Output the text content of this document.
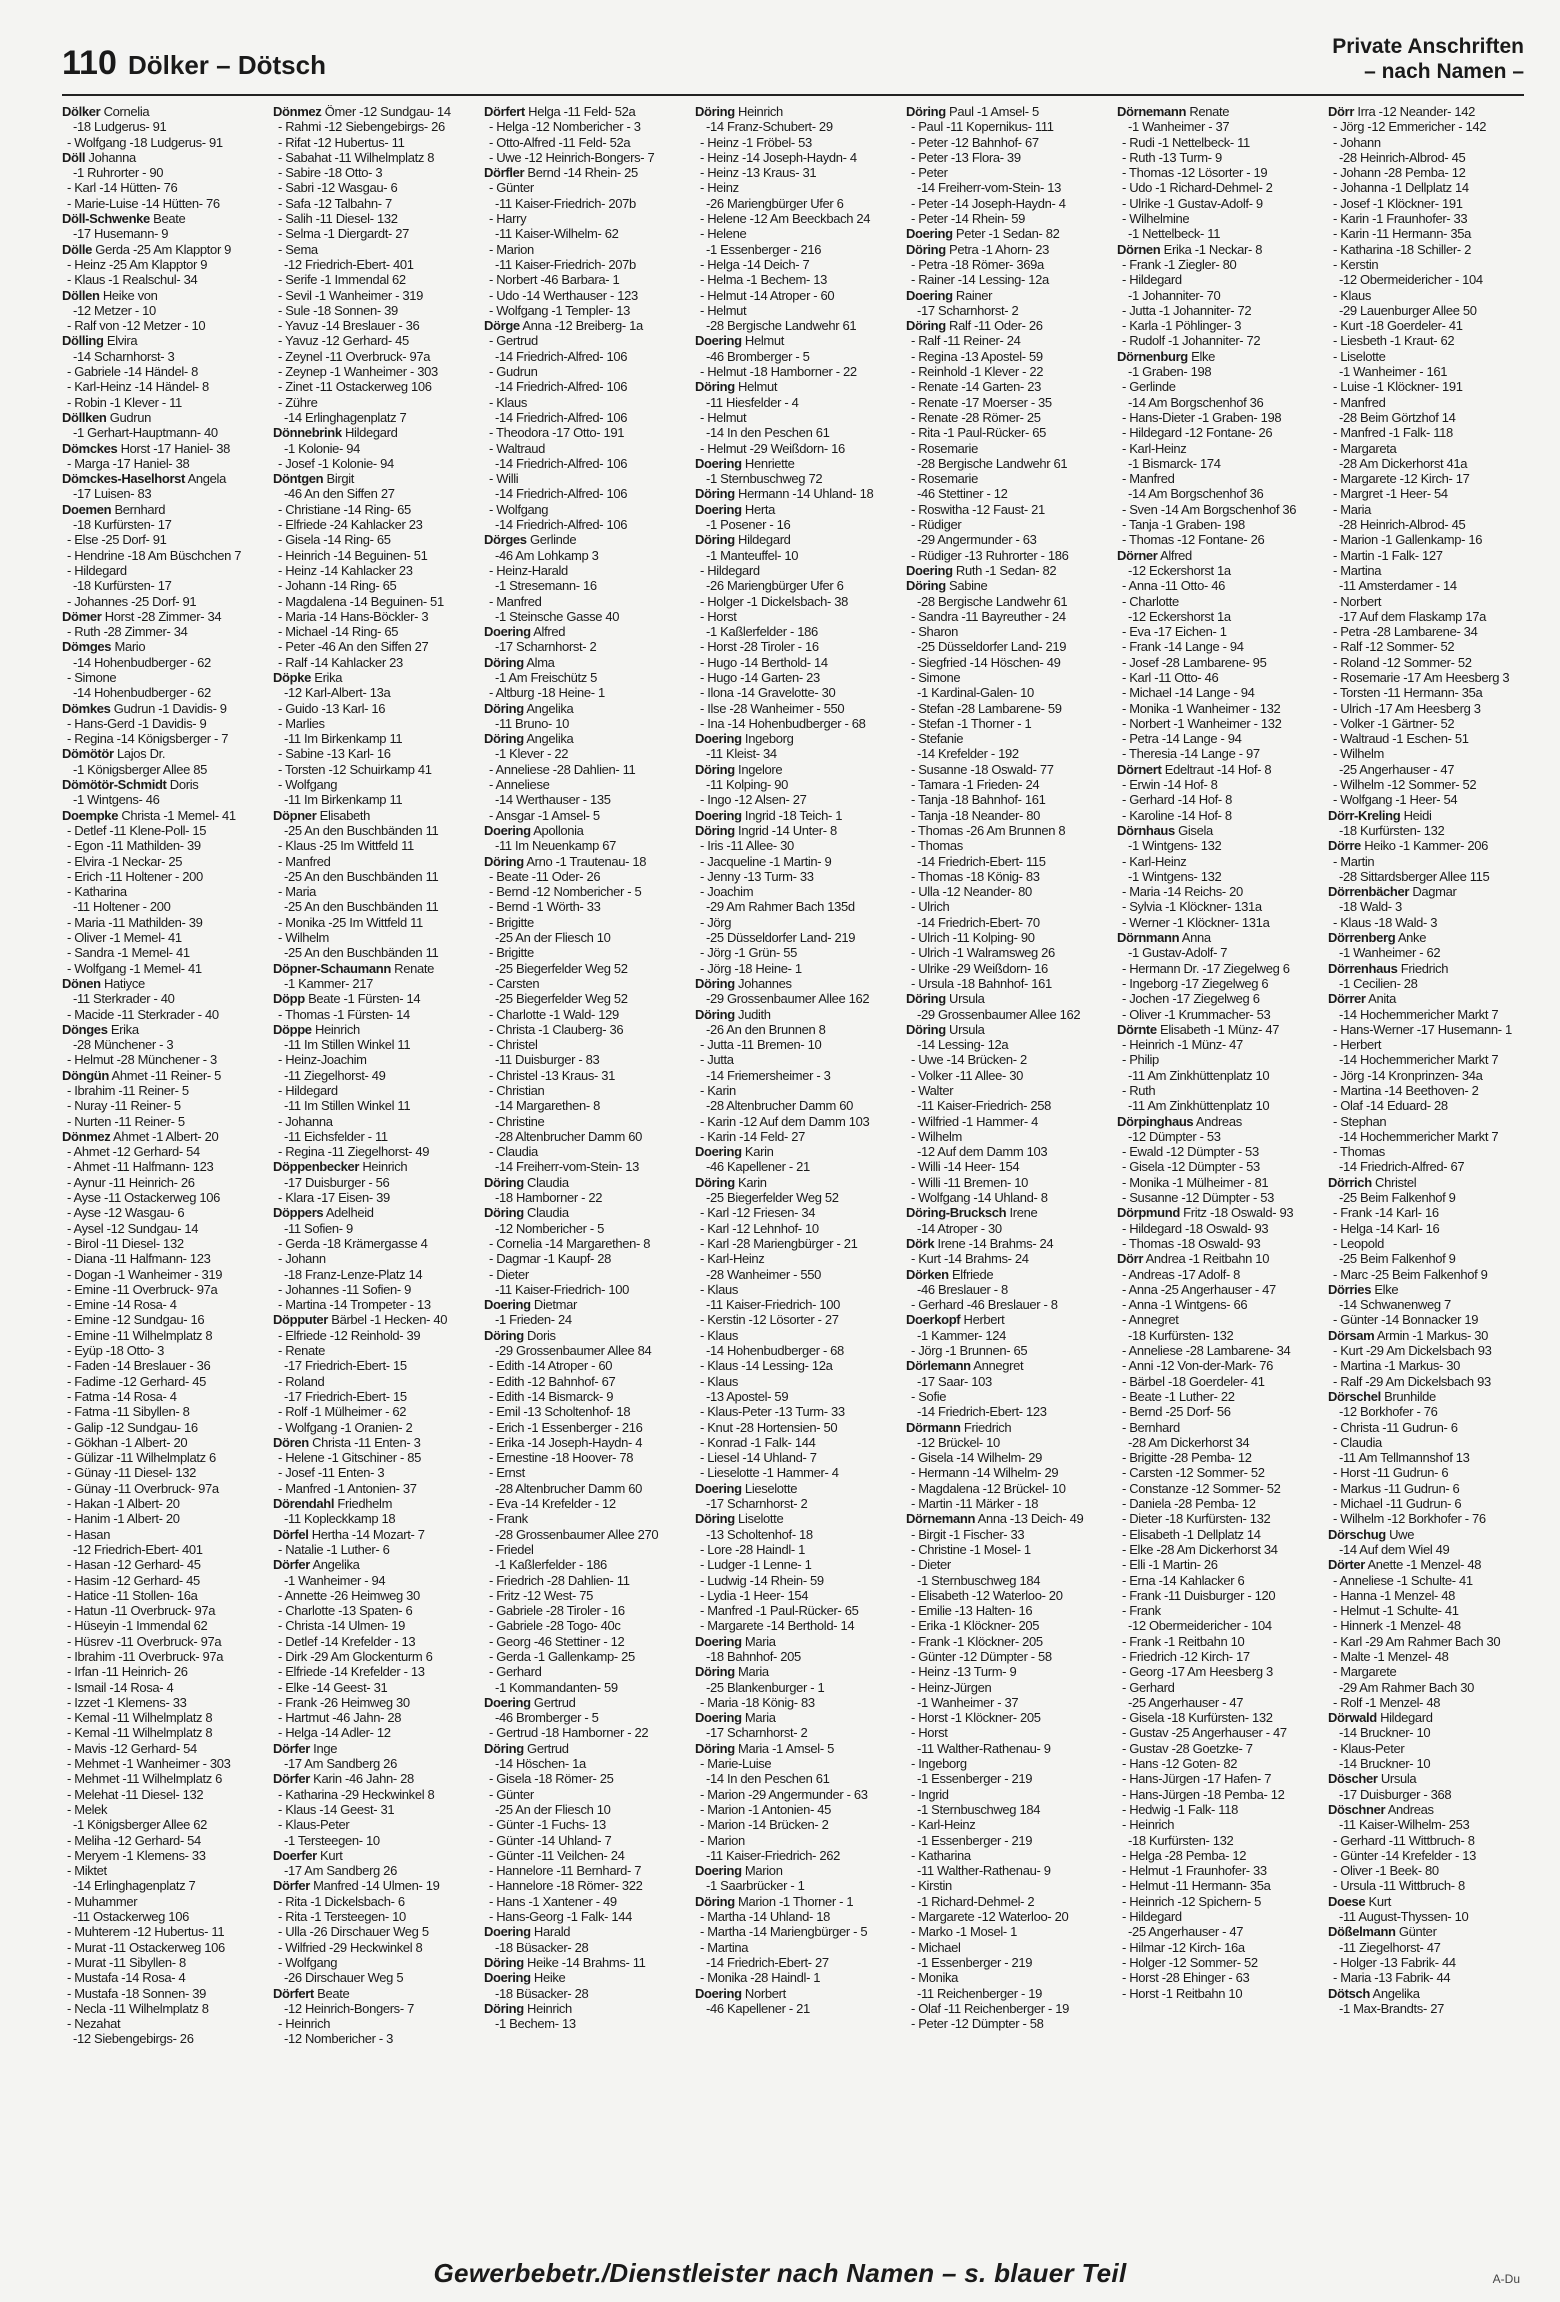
110 Dölker – Dötsch
Private Anschriften
– nach Namen –
Dölker Cornelia
-18 Ludgerus- 91
- Wolfgang -18 Ludgerus- 91
Döll Johanna
-1 Ruhrorter - 90
- Karl -14 Hütten- 76
- Marie-Luise -14 Hütten- 76
Döll-Schwenke Beate
-17 Husemann- 9
Dölle Gerda -25 Am Klapptor 9
- Heinz -25 Am Klapptor 9
- Klaus -1 Realschul- 34
Döllen Heike von
-12 Metzer - 10
- Ralf von -12 Metzer - 10
Dölling Elvira
-14 Scharnhorst- 3
- Gabriele -14 Händel- 8
- Karl-Heinz -14 Händel- 8
- Robin -1 Klever - 11
Döllken Gudrun
-1 Gerhart-Hauptmann- 40
Dömckes Horst -17 Haniel- 38
- Marga -17 Haniel- 38
Dömckes-Haselhorst Angela
-17 Luisen- 83
Doemen Bernhard
-18 Kurfürsten- 17
- Else -25 Dorf- 91
- Hendrine -18 Am Büschchen 7
- Hildegard
-18 Kurfürsten- 17
- Johannes -25 Dorf- 91
Dömer Horst -28 Zimmer- 34
- Ruth -28 Zimmer- 34
Dömges Mario
-14 Hohenbudberger - 62
- Simone
-14 Hohenbudberger - 62
Dömkes Gudrun -1 Davidis- 9
- Hans-Gerd -1 Davidis- 9
- Regina -14 Königsberger - 7
Dömötör Lajos Dr.
-1 Königsberger Allee 85
Dömötör-Schmidt Doris
-1 Wintgens- 46
Doempke Christa -1 Memel- 41
- Detlef -11 Klene-Poll- 15
- Egon -11 Mathilden- 39
- Elvira -1 Neckar- 25
- Erich -11 Holtener - 200
- Katharina
-11 Holtener - 200
- Maria -11 Mathilden- 39
- Oliver -1 Memel- 41
- Sandra -1 Memel- 41
- Wolfgang -1 Memel- 41
Dönen Hatiyce
-11 Sterkrader - 40
- Macide -11 Sterkrader - 40
Dönges Erika
-28 Münchener - 3
- Helmut -28 Münchener - 3
Döngün Ahmet -11 Reiner- 5
- Ibrahim -11 Reiner- 5
- Nuray -11 Reiner- 5
- Nurten -11 Reiner- 5
Dönmez Ahmet -1 Albert- 20
- Ahmet -12 Gerhard- 54
- Ahmet -11 Halfmann- 123
- Aynur -11 Heinrich- 26
- Ayse -11 Ostackerweg 106
- Ayse -12 Wasgau- 6
- Aysel -12 Sundgau- 14
- Birol -11 Diesel- 132
- Diana -11 Halfmann- 123
- Dogan -1 Wanheimer - 319
- Emine -11 Overbruck- 97a
- Emine -14 Rosa- 4
- Emine -12 Sundgau- 16
- Emine -11 Wilhelmplatz 8
- Eyüp -18 Otto- 3
- Faden -14 Breslauer - 36
- Fadime -12 Gerhard- 45
- Fatma -14 Rosa- 4
- Fatma -11 Sibyllen- 8
- Galip -12 Sundgau- 16
- Gökhan -1 Albert- 20
- Gülizar -11 Wilhelmplatz 6
- Günay -11 Diesel- 132
- Günay -11 Overbruck- 97a
- Hakan -1 Albert- 20
- Hanim -1 Albert- 20
- Hasan
-12 Friedrich-Ebert- 401
- Hasan -12 Gerhard- 45
- Hasim -12 Gerhard- 45
- Hatice -11 Stollen- 16a
- Hatun -11 Overbruck- 97a
- Hüseyin -1 Immendal 62
- Hüsrev -11 Overbruck- 97a
- Ibrahim -11 Overbruck- 97a
- Irfan -11 Heinrich- 26
- Ismail -14 Rosa- 4
- Izzet -1 Klemens- 33
- Kemal -11 Wilhelmplatz 8
- Kemal -11 Wilhelmplatz 8
- Mavis -12 Gerhard- 54
- Mehmet -1 Wanheimer - 303
- Mehmet -11 Wilhelmplatz 6
- Melehat -11 Diesel- 132
- Melek
-1 Königsberger Allee 62
- Meliha -12 Gerhard- 54
- Meryem -1 Klemens- 33
- Miktet
-14 Erlinghagenplatz 7
- Muhammer
-11 Ostackerweg 106
- Muhterem -12 Hubertus- 11
- Murat -11 Ostackerweg 106
- Murat -11 Sibyllen- 8
- Mustafa -14 Rosa- 4
- Mustafa -18 Sonnen- 39
- Necla -11 Wilhelmplatz 8
- Nezahat
-12 Siebengebirgs- 26
Dönmez Ömer -12 Sundgau- 14
- Rahmi -12 Siebengebirgs- 26
- Rifat -12 Hubertus- 11
- Sabahat -11 Wilhelmplatz 8
- Sabire -18 Otto- 3
- Sabri -12 Wasgau- 6
- Safa -12 Talbahn- 7
- Salih -11 Diesel- 132
- Selma -1 Diergardt- 27
- Sema
-12 Friedrich-Ebert- 401
- Serife -1 Immendal 62
- Sevil -1 Wanheimer - 319
- Sule -18 Sonnen- 39
- Yavuz -14 Breslauer - 36
- Yavuz -12 Gerhard- 45
- Zeynel -11 Overbruck- 97a
- Zeynep -1 Wanheimer - 303
- Zinet -11 Ostackerweg 106
- Zühre
-14 Erlinghagenplatz 7
Dönnebrink Hildegard
-1 Kolonie- 94
- Josef -1 Kolonie- 94
Döntgen Birgit
-46 An den Siffen 27
- Christiane -14 Ring- 65
- Elfriede -24 Kahlacker 23
- Gisela -14 Ring- 65
- Heinrich -14 Beguinen- 51
- Heinz -14 Kahlacker 23
- Johann -14 Ring- 65
- Magdalena -14 Beguinen- 51
- Maria -14 Hans-Böckler- 3
- Michael -14 Ring- 65
- Peter -46 An den Siffen 27
- Ralf -14 Kahlacker 23
Döpke Erika
-12 Karl-Albert- 13a
- Guido -13 Karl- 16
- Marlies
-11 Im Birkenkamp 11
- Sabine -13 Karl- 16
- Torsten -12 Schuirkamp 41
- Wolfgang
-11 Im Birkenkamp 11
Döpner Elisabeth
-25 An den Buschbänden 11
- Klaus -25 Im Wittfeld 11
- Manfred
-25 An den Buschbänden 11
- Maria
-25 An den Buschbänden 11
- Monika -25 Im Wittfeld 11
- Wilhelm
-25 An den Buschbänden 11
Döpner-Schaumann Renate
-1 Kammer- 217
Döpp Beate -1 Fürsten- 14
- Thomas -1 Fürsten- 14
Döppe Heinrich
-11 Im Stillen Winkel 11
- Heinz-Joachim
-11 Ziegelhorst- 49
- Hildegard
-11 Im Stillen Winkel 11
- Johanna
-11 Eichsfelder - 11
- Regina -11 Ziegelhorst- 49
Döppenbecker Heinrich
-17 Duisburger - 56
- Klara -17 Eisen- 39
Döppers Adelheid
-11 Sofien- 9
- Gerda -18 Krämergasse 4
- Johann
-18 Franz-Lenze-Platz 14
- Johannes -11 Sofien- 9
- Martina -14 Trompeter - 13
Döpputer Bärbel -1 Hecken- 40
- Elfriede -12 Reinhold- 39
- Renate
-17 Friedrich-Ebert- 15
- Roland
-17 Friedrich-Ebert- 15
- Rolf -1 Mülheimer - 62
- Wolfgang -1 Oranien- 2
Dören Christa -11 Enten- 3
- Helene -1 Gitschiner - 85
- Josef -11 Enten- 3
- Manfred -1 Antonien- 37
Dörendahl Friedhelm
-11 Kopleckkamp 18
Dörfel Hertha -14 Mozart- 7
- Natalie -1 Luther- 6
Dörfer Angelika
-1 Wanheimer - 94
- Annette -26 Heimweg 30
- Charlotte -13 Spaten- 6
- Christa -14 Ulmen- 19
- Detlef -14 Krefelder - 13
- Dirk -29 Am Glockenturm 6
- Elfriede -14 Krefelder - 13
- Elke -14 Geest- 31
- Frank -26 Heimweg 30
- Hartmut -46 Jahn- 28
- Helga -14 Adler- 12
Dörfer Inge
-17 Am Sandberg 26
Dörfer Karin -46 Jahn- 28
- Katharina -29 Heckwinkel 8
- Klaus -14 Geest- 31
- Klaus-Peter
-1 Tersteegen- 10
Doerfer Kurt
-17 Am Sandberg 26
Dörfer Manfred -14 Ulmen- 19
- Rita -1 Dickelsbach- 6
- Rita -1 Tersteegen- 10
- Ulla -26 Dirschauer Weg 5
- Wilfried -29 Heckwinkel 8
- Wolfgang
-26 Dirschauer Weg 5
Dörfert Beate
-12 Heinrich-Bongers- 7
- Heinrich
-12 Nombericher - 3
Dörfert Helga -11 Feld- 52a
- Helga -12 Nombericher - 3
- Otto-Alfred -11 Feld- 52a
- Uwe -12 Heinrich-Bongers- 7
Dörfler Bernd -14 Rhein- 25
- Günter
-11 Kaiser-Friedrich- 207b
- Harry
-11 Kaiser-Wilhelm- 62
- Marion
-11 Kaiser-Friedrich- 207b
- Norbert -46 Barbara- 1
- Udo -14 Werthauser - 123
- Wolfgang -1 Templer- 13
Dörge Anna -12 Breiberg- 1a
- Gertrud
-14 Friedrich-Alfred- 106
- Gudrun
-14 Friedrich-Alfred- 106
- Klaus
-14 Friedrich-Alfred- 106
- Theodora -17 Otto- 191
- Waltraud
-14 Friedrich-Alfred- 106
- Willi
-14 Friedrich-Alfred- 106
- Wolfgang
-14 Friedrich-Alfred- 106
Dörges Gerlinde
-46 Am Lohkamp 3
- Heinz-Harald
-1 Stresemann- 16
- Manfred
-1 Steinsche Gasse 40
Doering Alfred
-17 Scharnhorst- 2
Döring Alma
-1 Am Freischütz 5
- Altburg -18 Heine- 1
Döring Angelika
-11 Bruno- 10
Döring Angelika
-1 Klever - 22
- Anneliese -28 Dahlien- 11
- Anneliese
-14 Werthauser - 135
- Ansgar -1 Amsel- 5
Doering Apollonia
-11 Im Neuenkamp 67
Döring Arno -1 Trautenau- 18
- Beate -11 Oder- 26
- Bernd -12 Nombericher - 5
- Bernd -1 Wörth- 33
- Brigitte
-25 An der Fliesch 10
- Brigitte
-25 Biegerfelder Weg 52
- Carsten
-25 Biegerfelder Weg 52
- Charlotte -1 Wald- 129
- Christa -1 Clauberg- 36
- Christel
-11 Duisburger - 83
- Christel -13 Kraus- 31
- Christian
-14 Margarethen- 8
- Christine
-28 Altenbrucher Damm 60
- Claudia
-14 Freiherr-vom-Stein- 13
Döring Claudia
-18 Hamborner - 22
Döring Claudia
-12 Nombericher - 5
- Cornelia -14 Margarethen- 8
- Dagmar -1 Kaupf- 28
- Dieter
-11 Kaiser-Friedrich- 100
Doering Dietmar
-1 Frieden- 24
Döring Doris
-29 Grossenbaumer Allee 84
- Edith -14 Atroper - 60
- Edith -12 Bahnhof- 67
- Edith -14 Bismarck- 9
- Emil -13 Scholtenhof- 18
- Erich -1 Essenberger - 216
- Erika -14 Joseph-Haydn- 4
- Ernestine -18 Hoover- 78
- Ernst
-28 Altenbrucher Damm 60
- Eva -14 Krefelder - 12
- Frank
-28 Grossenbaumer Allee 270
- Friedel
-1 Kaßlerfelder - 186
- Friedrich -28 Dahlien- 11
- Fritz -12 West- 75
- Gabriele -28 Tiroler - 16
- Gabriele -28 Togo- 40c
- Georg -46 Stettiner - 12
- Gerda -1 Gallenkamp- 25
- Gerhard
-1 Kommandanten- 59
Doering Gertrud
-46 Bromberger - 5
- Gertrud -18 Hamborner - 22
Döring Gertrud
-14 Höschen- 1a
- Gisela -18 Römer- 25
- Günter
-25 An der Fliesch 10
- Günter -1 Fuchs- 13
- Günter -14 Uhland- 7
- Günter -11 Veilchen- 24
- Hannelore -11 Bernhard- 7
- Hannelore -18 Römer- 322
- Hans -1 Xantener - 49
- Hans-Georg -1 Falk- 144
Doering Harald
-18 Büsacker- 28
Döring Heike -14 Brahms- 11
Doering Heike
-18 Büsacker- 28
Döring Heinrich
-1 Bechem- 13
Döring Heinrich
-14 Franz-Schubert- 29
- Heinz -1 Fröbel- 53
- Heinz -14 Joseph-Haydn- 4
- Heinz -13 Kraus- 31
- Heinz
-26 Mariengbürger Ufer 6
- Helene -12 Am Beeckbach 24
- Helene
-1 Essenberger - 216
- Helga -14 Deich- 7
- Helma -1 Bechem- 13
- Helmut -14 Atroper - 60
- Helmut
-28 Bergische Landwehr 61
Doering Helmut
-46 Bromberger - 5
- Helmut -18 Hamborner - 22
Döring Helmut
-11 Hiesfelder - 4
- Helmut
-14 In den Peschen 61
- Helmut -29 Weißdorn- 16
Doering Henriette
-1 Sternbuschweg 72
Döring Hermann -14 Uhland- 18
Doering Herta
-1 Posener - 16
Döring Hildegard
-1 Manteuffel- 10
- Hildegard
-26 Mariengbürger Ufer 6
- Holger -1 Dickelsbach- 38
- Horst
-1 Kaßlerfelder - 186
- Horst -28 Tiroler - 16
- Hugo -14 Berthold- 14
- Hugo -14 Garten- 23
- Ilona -14 Gravelotte- 30
- Ilse -28 Wanheimer - 550
- Ina -14 Hohenbudberger - 68
Doering Ingeborg
-11 Kleist- 34
Döring Ingelore
-11 Kolping- 90
- Ingo -12 Alsen- 27
Doering Ingrid -18 Teich- 1
Döring Ingrid -14 Unter- 8
- Iris -11 Allee- 30
- Jacqueline -1 Martin- 9
- Jenny -13 Turm- 33
- Joachim
-29 Am Rahmer Bach 135d
- Jörg
-25 Düsseldorfer Land- 219
- Jörg -1 Grün- 55
- Jörg -18 Heine- 1
Döring Johannes
-29 Grossenbaumer Allee 162
Döring Judith
-26 An den Brunnen 8
- Jutta -11 Bremen- 10
- Jutta
-14 Friemersheimer - 3
- Karin
-28 Altenbrucher Damm 60
- Karin -12 Auf dem Damm 103
- Karin -14 Feld- 27
Doering Karin
-46 Kapellener - 21
Döring Karin
-25 Biegerfelder Weg 52
- Karl -12 Friesen- 34
- Karl -12 Lehnhof- 10
- Karl -28 Mariengbürger - 21
- Karl-Heinz
-28 Wanheimer - 550
- Klaus
-11 Kaiser-Friedrich- 100
- Kerstin -12 Lösorter - 27
- Klaus
-14 Hohenbudberger - 68
- Klaus -14 Lessing- 12a
- Klaus
-13 Apostel- 59
- Klaus-Peter -13 Turm- 33
- Knut -28 Hortensien- 50
- Konrad -1 Falk- 144
- Liesel -14 Uhland- 7
- Lieselotte -1 Hammer- 4
Doering Lieselotte
-17 Scharnhorst- 2
Döring Liselotte
-13 Scholtenhof- 18
- Lore -28 Haindl- 1
- Ludger -1 Lenne- 1
- Ludwig -14 Rhein- 59
- Lydia -1 Heer- 154
- Manfred -1 Paul-Rücker- 65
- Margarete -14 Berthold- 14
Doering Maria
-18 Bahnhof- 205
Döring Maria
-25 Blankenburger - 1
- Maria -18 König- 83
Doering Maria
-17 Scharnhorst- 2
Döring Maria -1 Amsel- 5
- Marie-Luise
-14 In den Peschen 61
- Marion -29 Angermunder - 63
- Marion -1 Antonien- 45
- Marion -14 Brücken- 2
- Marion
-11 Kaiser-Friedrich- 262
Doering Marion
-1 Saarbrücker - 1
Döring Marion -1 Thorner - 1
- Martha -14 Uhland- 18
- Martha -14 Mariengbürger - 5
- Martina
-14 Friedrich-Ebert- 27
- Monika -28 Haindl- 1
Doering Norbert
-46 Kapellener - 21
Döring Paul -1 Amsel- 5
- Paul -11 Kopernikus- 111
- Peter -12 Bahnhof- 67
- Peter -13 Flora- 39
- Peter
-14 Freiherr-vom-Stein- 13
- Peter -14 Joseph-Haydn- 4
- Peter -14 Rhein- 59
Doering Peter -1 Sedan- 82
Döring Petra -1 Ahorn- 23
- Petra -18 Römer- 369a
- Rainer -14 Lessing- 12a
Doering Rainer
-17 Scharnhorst- 2
Döring Ralf -11 Oder- 26
- Ralf -11 Reiner- 24
- Regina -13 Apostel- 59
- Reinhold -1 Klever - 22
- Renate -14 Garten- 23
- Renate -17 Moerser - 35
- Renate -28 Römer- 25
- Rita -1 Paul-Rücker- 65
- Rosemarie
-28 Bergische Landwehr 61
- Rosemarie
-46 Stettiner - 12
- Roswitha -12 Faust- 21
- Rüdiger
-29 Angermunder - 63
- Rüdiger -13 Ruhrorter - 186
Doering Ruth -1 Sedan- 82
Döring Sabine
-28 Bergische Landwehr 61
- Sandra -11 Bayreuther - 24
- Sharon
-25 Düsseldorfer Land- 219
- Siegfried -14 Höschen- 49
- Simone
-1 Kardinal-Galen- 10
- Stefan -28 Lambarene- 59
- Stefan -1 Thorner - 1
- Stefanie
-14 Krefelder - 192
- Susanne -18 Oswald- 77
- Tamara -1 Frieden- 24
- Tanja -18 Bahnhof- 161
- Tanja -18 Neander- 80
- Thomas -26 Am Brunnen 8
- Thomas
-14 Friedrich-Ebert- 115
- Thomas -18 König- 83
- Ulla -12 Neander- 80
- Ulrich
-14 Friedrich-Ebert- 70
- Ulrich -11 Kolping- 90
- Ulrich -1 Walramsweg 26
- Ulrike -29 Weißdorn- 16
- Ursula -18 Bahnhof- 161
Döring Ursula
-29 Grossenbaumer Allee 162
Döring Ursula
-14 Lessing- 12a
- Uwe -14 Brücken- 2
- Volker -11 Allee- 30
- Walter
-11 Kaiser-Friedrich- 258
- Wilfried -1 Hammer- 4
- Wilhelm
-12 Auf dem Damm 103
- Willi -14 Heer- 154
- Willi -11 Bremen- 10
- Wolfgang -14 Uhland- 8
Döring-Brucksch Irene
-14 Atroper - 30
Dörk Irene -14 Brahms- 24
- Kurt -14 Brahms- 24
Dörken Elfriede
-46 Breslauer - 8
- Gerhard -46 Breslauer - 8
Doerkopf Herbert
-1 Kammer- 124
- Jörg -1 Brunnen- 65
Dörlemann Annegret
-17 Saar- 103
- Sofie
-14 Friedrich-Ebert- 123
Dörmann Friedrich
-12 Brückel- 10
- Gisela -14 Wilhelm- 29
- Hermann -14 Wilhelm- 29
- Magdalena -12 Brückel- 10
- Martin -11 Märker - 18
Dörnemann Anna -13 Deich- 49
- Birgit -1 Fischer- 33
- Christine -1 Mosel- 1
- Dieter
-1 Sternbuschweg 184
- Elisabeth -12 Waterloo- 20
- Emilie -13 Halten- 16
- Erika -1 Klöckner- 205
- Frank -1 Klöckner- 205
- Günter -12 Dümpter - 58
- Heinz -13 Turm- 9
- Heinz-Jürgen
-1 Wanheimer - 37
- Horst -1 Klöckner- 205
- Horst
-11 Walther-Rathenau- 9
- Ingeborg
-1 Essenberger - 219
- Ingrid
-1 Sternbuschweg 184
- Karl-Heinz
-1 Essenberger - 219
- Katharina
-11 Walther-Rathenau- 9
- Kirstin
-1 Richard-Dehmel- 2
- Margarete -12 Waterloo- 20
- Marko -1 Mosel- 1
- Michael
-1 Essenberger - 219
- Monika
-11 Reichenberger - 19
- Olaf -11 Reichenberger - 19
- Peter -12 Dümpter - 58
Dörnemann Renate
-1 Wanheimer - 37
- Rudi -1 Nettelbeck- 11
- Ruth -13 Turm- 9
- Thomas -12 Lösorter - 19
- Udo -1 Richard-Dehmel- 2
- Ulrike -1 Gustav-Adolf- 9
- Wilhelmine
-1 Nettelbeck- 11
Dörnen Erika -1 Neckar- 8
- Frank -1 Ziegler- 80
- Hildegard
-1 Johanniter- 70
- Jutta -1 Johanniter- 72
- Karla -1 Pöhlinger- 3
- Rudolf -1 Johanniter- 72
Dörnenburg Elke
-1 Graben- 198
- Gerlinde
-14 Am Borgschenhof 36
- Hans-Dieter -1 Graben- 198
- Hildegard -12 Fontane- 26
- Karl-Heinz
-1 Bismarck- 174
- Manfred
-14 Am Borgschenhof 36
- Sven -14 Am Borgschenhof 36
- Tanja -1 Graben- 198
- Thomas -12 Fontane- 26
Dörner Alfred
-12 Eckershorst 1a
- Anna -11 Otto- 46
- Charlotte
-12 Eckershorst 1a
- Eva -17 Eichen- 1
- Frank -14 Lange - 94
- Josef -28 Lambarene- 95
- Karl -11 Otto- 46
- Michael -14 Lange - 94
- Monika -1 Wanheimer - 132
- Norbert -1 Wanheimer - 132
- Petra -14 Lange - 94
- Theresia -14 Lange - 97
Dörnert Edeltraut -14 Hof- 8
- Erwin -14 Hof- 8
- Gerhard -14 Hof- 8
- Karoline -14 Hof- 8
Dörnhaus Gisela
-1 Wintgens- 132
- Karl-Heinz
-1 Wintgens- 132
- Maria -14 Reichs- 20
- Sylvia -1 Klöckner- 131a
- Werner -1 Klöckner- 131a
Dörnmann Anna
-1 Gustav-Adolf- 7
- Hermann Dr. -17 Ziegelweg 6
- Ingeborg -17 Ziegelweg 6
- Jochen -17 Ziegelweg 6
- Oliver -1 Krummacher- 53
Dörnte Elisabeth -1 Münz- 47
- Heinrich -1 Münz- 47
- Philip
-11 Am Zinkhüttenplatz 10
- Ruth
-11 Am Zinkhüttenplatz 10
Dörpinghaus Andreas
-12 Dümpter - 53
- Ewald -12 Dümpter - 53
- Gisela -12 Dümpter - 53
- Monika -1 Mülheimer - 81
- Susanne -12 Dümpter - 53
Dörpmund Fritz -18 Oswald- 93
- Hildegard -18 Oswald- 93
- Thomas -18 Oswald- 93
Dörr Andrea -1 Reitbahn 10
- Andreas -17 Adolf- 8
- Anna -25 Angerhauser - 47
- Anna -1 Wintgens- 66
- Annegret
-18 Kurfürsten- 132
- Anneliese -28 Lambarene- 34
- Anni -12 Von-der-Mark- 76
- Bärbel -18 Goerdeler- 41
- Beate -1 Luther- 22
- Bernd -25 Dorf- 56
- Bernhard
-28 Am Dickerhorst 34
- Brigitte -28 Pemba- 12
- Carsten -12 Sommer- 52
- Constanze -12 Sommer- 52
- Daniela -28 Pemba- 12
- Dieter -18 Kurfürsten- 132
- Elisabeth -1 Dellplatz 14
- Elke -28 Am Dickerhorst 34
- Elli -1 Martin- 26
- Erna -14 Kahlacker 6
- Frank -11 Duisburger - 120
- Frank
-12 Obermeidericher - 104
- Frank -1 Reitbahn 10
- Friedrich -12 Kirch- 17
- Georg -17 Am Heesberg 3
- Gerhard
-25 Angerhauser - 47
- Gisela -18 Kurfürsten- 132
- Gustav -25 Angerhauser - 47
- Gustav -28 Goetzke- 7
- Hans -12 Goten- 82
- Hans-Jürgen -17 Hafen- 7
- Hans-Jürgen -18 Pemba- 12
- Hedwig -1 Falk- 118
- Heinrich
-18 Kurfürsten- 132
- Helga -28 Pemba- 12
- Helmut -1 Fraunhofer- 33
- Helmut -11 Hermann- 35a
- Heinrich -12 Spichern- 5
- Hildegard
-25 Angerhauser - 47
- Hilmar -12 Kirch- 16a
- Holger -12 Sommer- 52
- Horst -28 Ehinger - 63
- Horst -1 Reitbahn 10
Dörr Irra -12 Neander- 142
- Jörg -12 Emmericher - 142
- Johann
-28 Heinrich-Albrod- 45
- Johann -28 Pemba- 12
- Johanna -1 Dellplatz 14
- Josef -1 Klöckner- 191
- Karin -1 Fraunhofer- 33
- Karin -11 Hermann- 35a
- Katharina -18 Schiller- 2
- Kerstin
-12 Obermeidericher - 104
- Klaus
-29 Lauenburger Allee 50
- Kurt -18 Goerdeler- 41
- Liesbeth -1 Kraut- 62
- Liselotte
-1 Wanheimer - 161
- Luise -1 Klöckner- 191
- Manfred
-28 Beim Görtzhof 14
- Manfred -1 Falk- 118
- Margareta
-28 Am Dickerhorst 41a
- Margarete -12 Kirch- 17
- Margret -1 Heer- 54
- Maria
-28 Heinrich-Albrod- 45
- Marion -1 Gallenkamp- 16
- Martin -1 Falk- 127
- Martina
-11 Amsterdamer - 14
- Norbert
-17 Auf dem Flaskamp 17a
- Petra -28 Lambarene- 34
- Ralf -12 Sommer- 52
- Roland -12 Sommer- 52
- Rosemarie -17 Am Heesberg 3
- Torsten -11 Hermann- 35a
- Ulrich -17 Am Heesberg 3
- Volker -1 Gärtner- 52
- Waltraud -1 Eschen- 51
- Wilhelm
-25 Angerhauser - 47
- Wilhelm -12 Sommer- 52
- Wolfgang -1 Heer- 54
Dörr-Kreling Heidi
-18 Kurfürsten- 132
Dörre Heiko -1 Kammer- 206
- Martin
-28 Sittardsberger Allee 115
Dörrenbächer Dagmar
-18 Wald- 3
- Klaus -18 Wald- 3
Dörrenberg Anke
-1 Wanheimer - 62
Dörrenhaus Friedrich
-1 Cecilien- 28
Dörrer Anita
-14 Hochemmericher Markt 7
- Hans-Werner -17 Husemann- 1
- Herbert
-14 Hochemmericher Markt 7
- Jörg -14 Kronprinzen- 34a
- Martina -14 Beethoven- 2
- Olaf -14 Eduard- 28
- Stephan
-14 Hochemmericher Markt 7
- Thomas
-14 Friedrich-Alfred- 67
Dörrich Christel
-25 Beim Falkenhof 9
- Frank -14 Karl- 16
- Helga -14 Karl- 16
- Leopold
-25 Beim Falkenhof 9
- Marc -25 Beim Falkenhof 9
Dörries Elke
-14 Schwanenweg 7
- Günter -14 Bonnacker 19
Dörsam Armin -1 Markus- 30
- Kurt -29 Am Dickelsbach 93
- Martina -1 Markus- 30
- Ralf -29 Am Dickelsbach 93
Dörschel Brunhilde
-12 Borkhofer - 76
- Christa -11 Gudrun- 6
- Claudia
-11 Am Tellmannshof 13
- Horst -11 Gudrun- 6
- Markus -11 Gudrun- 6
- Michael -11 Gudrun- 6
- Wilhelm -12 Borkhofer - 76
Dörschug Uwe
-14 Auf dem Wiel 49
Dörter Anette -1 Menzel- 48
- Anneliese -1 Schulte- 41
- Hanna -1 Menzel- 48
- Helmut -1 Schulte- 41
- Hinnerk -1 Menzel- 48
- Karl -29 Am Rahmer Bach 30
- Malte -1 Menzel- 48
- Margarete
-29 Am Rahmer Bach 30
- Rolf -1 Menzel- 48
Dörwald Hildegard
-14 Bruckner- 10
- Klaus-Peter
-14 Bruckner- 10
Döscher Ursula
-17 Duisburger - 368
Döschner Andreas
-11 Kaiser-Wilhelm- 253
- Gerhard -11 Wittbruch- 8
- Günter -14 Krefelder - 13
- Oliver -1 Beek- 80
- Ursula -11 Wittbruch- 8
Doese Kurt
-11 August-Thyssen- 10
Dößelmann Günter
-11 Ziegelhorst- 47
- Holger -13 Fabrik- 44
- Maria -13 Fabrik- 44
Dötsch Angelika
-1 Max-Brandts- 27
Gewerbebetr./Dienstleister nach Namen – s. blauer Teil	A-Du
